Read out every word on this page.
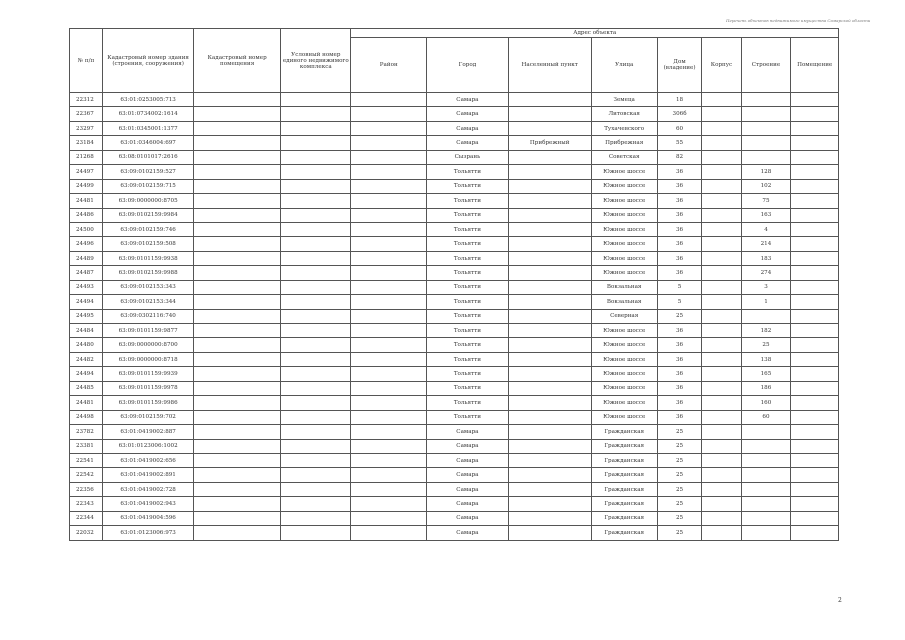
Перечень объектов недвижимого имущества Самарской области
№ п/п	Кадастровый номер здания (строения, сооружения)	Кадастровый номер помещения	Условный номер единого недвижимого комплекса	Адрес объекта							
				Район	Город	Населенный пункт	Улица	Дом (владение)	Корпус	Строение	Помещение
22312	63:01:0253005:713				Самара		Земеца	18			
22367	63:01:0734002:1614				Самара		Литовская	306б			
23297	63:01:0345001:1377				Самара		Тухачевского	60			
23184	63:01:0346004:697				Самара	Прибрежный	Прибрежная	55			
21268	63:08:0101017:2616				Сызрань		Советская	82			
24497	63:09:0102159:527				Тольятти		Южное шоссе	36		128	
24499	63:09:0102159:715				Тольятти		Южное шоссе	36		102	
24481	63:09:0000000:8705				Тольятти		Южное шоссе	36		75	
24486	63:09:0102159:9984				Тольятти		Южное шоссе	36		163	
24500	63:09:0102159:746				Тольятти		Южное шоссе	36		4	
24496	63:09:0102159:508				Тольятти		Южное шоссе	36		214	
24489	63:09:0101159:9938				Тольятти		Южное шоссе	36		183	
24487	63:09:0102159:9988				Тольятти		Южное шоссе	36		274	
24493	63:09:0102153:343				Тольятти		Вокзальная	5		3	
24494	63:09:0102153:344				Тольятти		Вокзальная	5		1	
24495	63:09:0302116:740				Тольятти		Северная	25			
24484	63:09:0101159:9877				Тольятти		Южное шоссе	36		182	
24480	63:09:0000000:8700				Тольятти		Южное шоссе	36		25	
24482	63:09:0000000:8718				Тольятти		Южное шоссе	36		138	
24494	63:09:0101159:9939				Тольятти		Южное шоссе	36		165	
24485	63:09:0101159:9978				Тольятти		Южное шоссе	36		186	
24481	63:09:0101159:9986				Тольятти		Южное шоссе	36		160	
24498	63:09:0102159:702				Тольятти		Южное шоссе	36		60	
23782	63:01:0419002:887				Самара		Гражданская	25			
23381	63:01:0123006:1002				Самара		Гражданская	25			
22541	63:01:0419002:656				Самара		Гражданская	25			
22542	63:01:0419002:891				Самара		Гражданская	25			
22356	63:01:0419002:728				Самара		Гражданская	25			
22343	63:01:0419002:943				Самара		Гражданская	25			
22344	63:01:0419004:596				Самара		Гражданская	25			
22032	63:01:0123006:973				Самара		Гражданская	25			
2
